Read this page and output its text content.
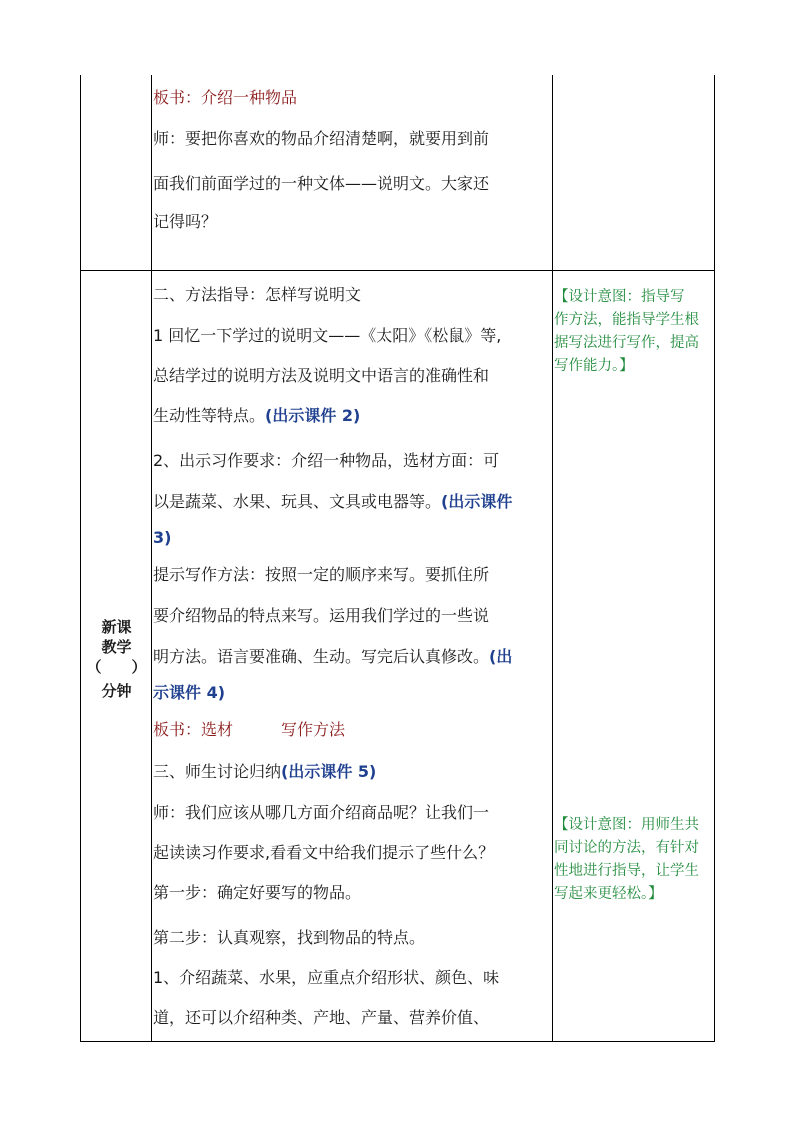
板书：介绍一种物品
师：要把你喜欢的物品介绍清楚啊，就要用到前
面我们前面学过的一种文体——说明文。大家还
记得吗？
新课
教学
（　　）
分钟
二、方法指导：怎样写说明文
1 回忆一下学过的说明文——《太阳》《松鼠》等,
总结学过的说明方法及说明文中语言的准确性和
生动性等特点。(出示课件 2)
2、出示习作要求：介绍一种物品，选材方面：可
以是蔬菜、水果、玩具、文具或电器等。(出示课件
3)
提示写作方法：按照一定的顺序来写。要抓住所
要介绍物品的特点来写。运用我们学过的一些说
明方法。语言要准确、生动。写完后认真修改。(出
示课件 4)
板书：选材　　　写作方法
三、师生讨论归纳(出示课件 5)
师：我们应该从哪几方面介绍商品呢？让我们一
起读读习作要求,看看文中给我们提示了些什么？
第一步：确定好要写的物品。
第二步：认真观察，找到物品的特点。
1、介绍蔬菜、水果，应重点介绍形状、颜色、味
道，还可以介绍种类、产地、产量、营养价值、
【设计意图：指导写
作方法，能指导学生根
据写法进行写作，提高
写作能力。】
【设计意图：用师生共
同讨论的方法，有针对
性地进行指导，让学生
写起来更轻松。】
